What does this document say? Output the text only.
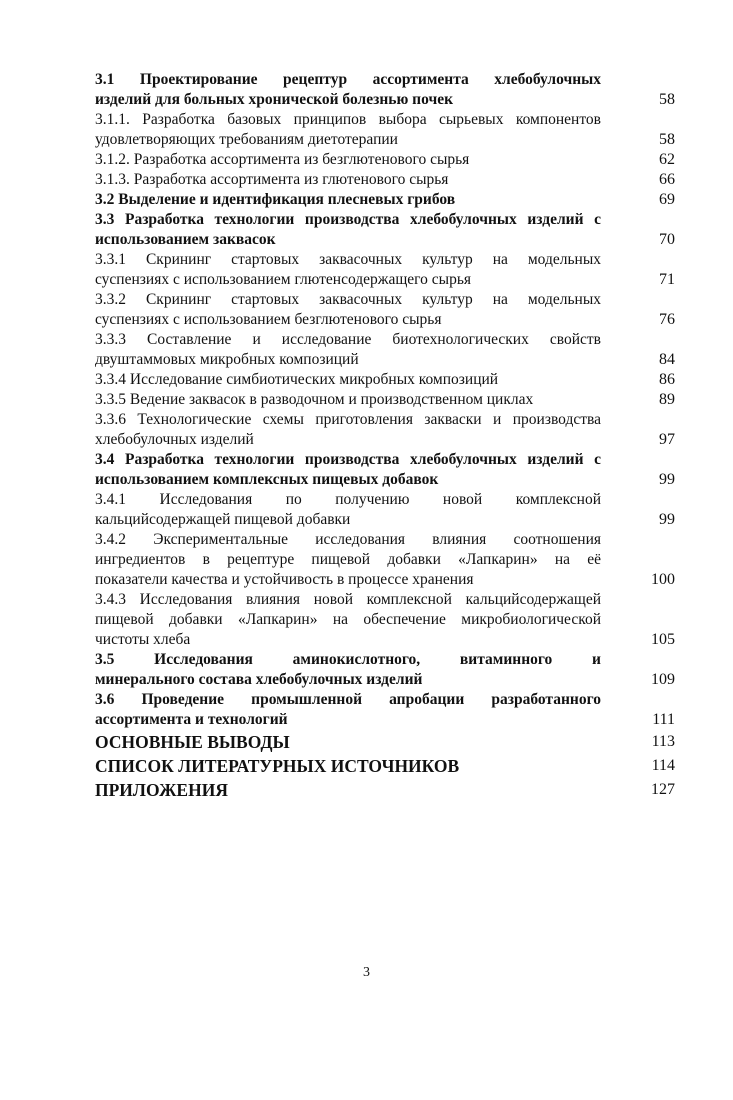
3.1 Проектирование рецептур ассортимента хлебобулочных
изделий для больных хронической болезнью почек	58
3.1.1. Разработка базовых принципов выбора сырьевых компонентов
удовлетворяющих требованиям диетотерапии	58
3.1.2. Разработка ассортимента из безглютенового сырья	62
3.1.3. Разработка ассортимента из глютенового сырья	66
3.2 Выделение и идентификация плесневых грибов	69
3.3 Разработка технологии производства хлебобулочных изделий с
использованием заквасок	70
3.3.1 Скрининг стартовых заквасочных культур на модельных
суспензиях с использованием глютенсодержащего сырья	71
3.3.2 Скрининг стартовых заквасочных культур на модельных
суспензиях с использованием безглютенового сырья	76
3.3.3 Составление и исследование биотехнологических свойств
двуштаммовых микробных композиций	84
3.3.4 Исследование симбиотических микробных композиций	86
3.3.5 Ведение заквасок в разводочном и производственном циклах	89
3.3.6 Технологические схемы приготовления закваски и производства
хлебобулочных изделий	97
3.4 Разработка технологии производства хлебобулочных изделий с
использованием комплексных пищевых добавок	99
3.4.1 Исследования по получению новой комплексной
кальцийсодержащей пищевой добавки	99
3.4.2 Экспериментальные исследования влияния соотношения
ингредиентов в рецептуре пищевой добавки «Лапкарин» на её
показатели качества и устойчивость в процессе хранения	100
3.4.3 Исследования влияния новой комплексной кальцийсодержащей
пищевой добавки «Лапкарин» на обеспечение микробиологической
чистоты хлеба	105
3.5 Исследования аминокислотного, витаминного и
минерального состава хлебобулочных изделий	109
3.6 Проведение промышленной апробации разработанного
ассортимента и технологий	111
ОСНОВНЫЕ ВЫВОДЫ	113
СПИСОК ЛИТЕРАТУРНЫХ ИСТОЧНИКОВ	114
ПРИЛОЖЕНИЯ	127
3
